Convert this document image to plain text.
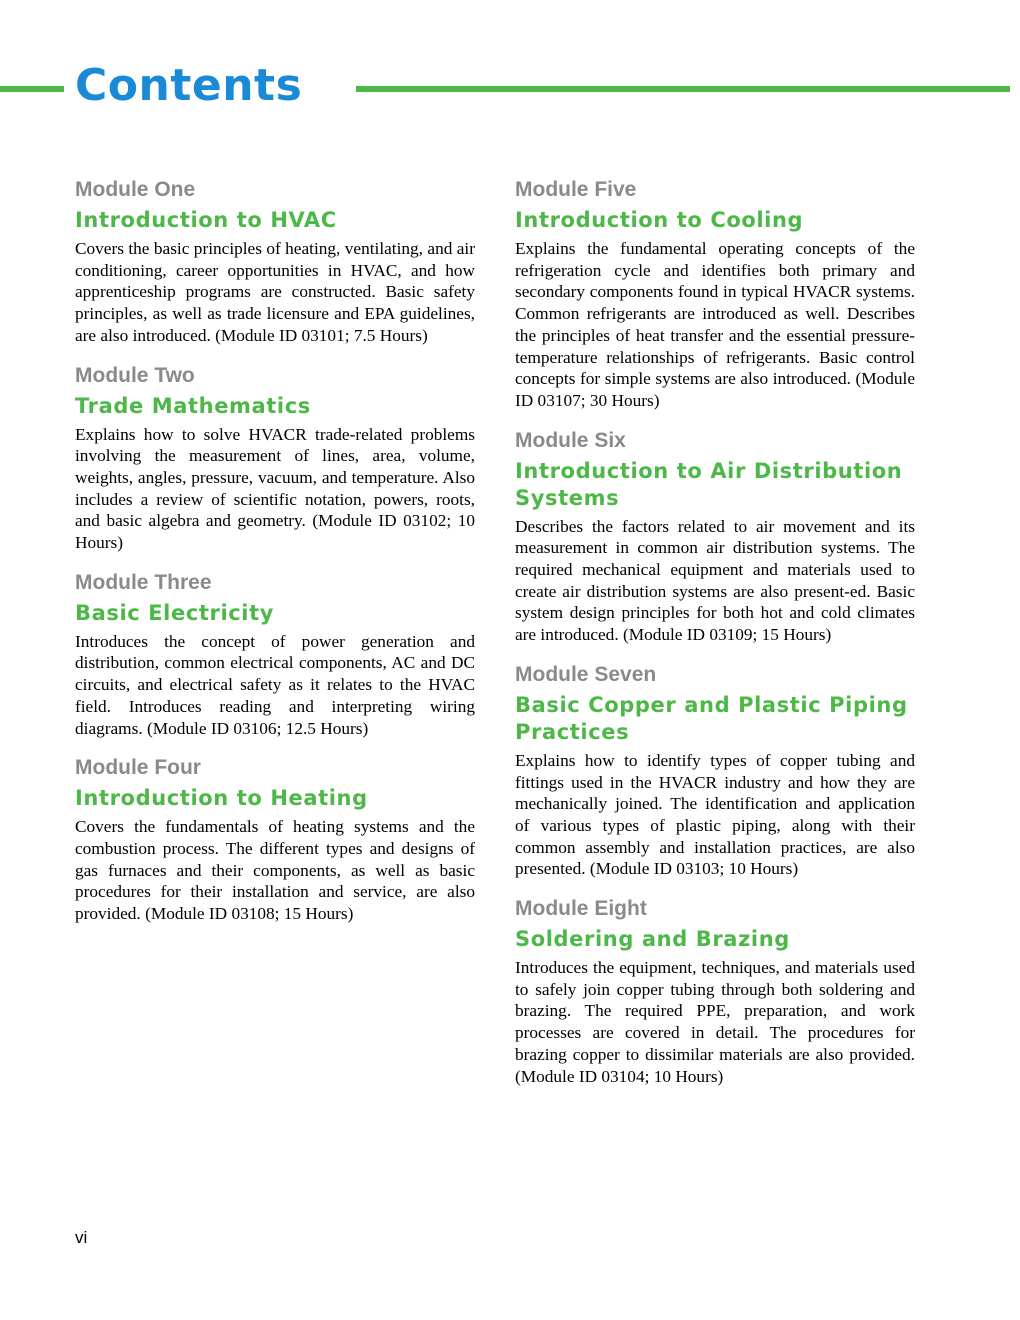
Contents
Module One
Introduction to HVAC

Covers the basic principles of heating, ventilating, and air conditioning, career opportunities in HVAC, and how apprenticeship programs are constructed. Basic safety principles, as well as trade licensure and EPA guidelines, are also introduced. (Module ID 03101; 7.5 Hours)

Module Two
Trade Mathematics

Explains how to solve HVACR trade-related problems involving the measurement of lines, area, volume, weights, angles, pressure, vacuum, and temperature. Also includes a review of scientific notation, powers, roots, and basic algebra and geometry. (Module ID 03102; 10 Hours)

Module Three
Basic Electricity

Introduces the concept of power generation and distribution, common electrical components, AC and DC circuits, and electrical safety as it relates to the HVAC field. Introduces reading and interpreting wiring diagrams. (Module ID 03106; 12.5 Hours)

Module Four
Introduction to Heating

Covers the fundamentals of heating systems and the combustion process. The different types and designs of gas furnaces and their components, as well as basic procedures for their installation and service, are also provided. (Module ID 03108; 15 Hours)

Module Five
Introduction to Cooling

Explains the fundamental operating concepts of the refrigeration cycle and identifies both primary and secondary components found in typical HVACR systems. Common refrigerants are introduced as well. Describes the principles of heat transfer and the essential pressure-temperature relationships of refrigerants. Basic control concepts for simple systems are also introduced. (Module ID 03107; 30 Hours)

Module Six
Introduction to Air Distribution Systems

Describes the factors related to air movement and its measurement in common air distribution systems. The required mechanical equipment and materials used to create air distribution systems are also present-ed. Basic system design principles for both hot and cold climates are introduced. (Module ID 03109; 15 Hours)

Module Seven
Basic Copper and Plastic Piping Practices

Explains how to identify types of copper tubing and fittings used in the HVACR industry and how they are mechanically joined. The identification and application of various types of plastic piping, along with their common assembly and installation practices, are also presented. (Module ID 03103; 10 Hours)

Module Eight
Soldering and Brazing

Introduces the equipment, techniques, and materials used to safely join copper tubing through both soldering and brazing. The required PPE, preparation, and work processes are covered in detail. The procedures for brazing copper to dissimilar materials are also provided. (Module ID 03104; 10 Hours)

vi
